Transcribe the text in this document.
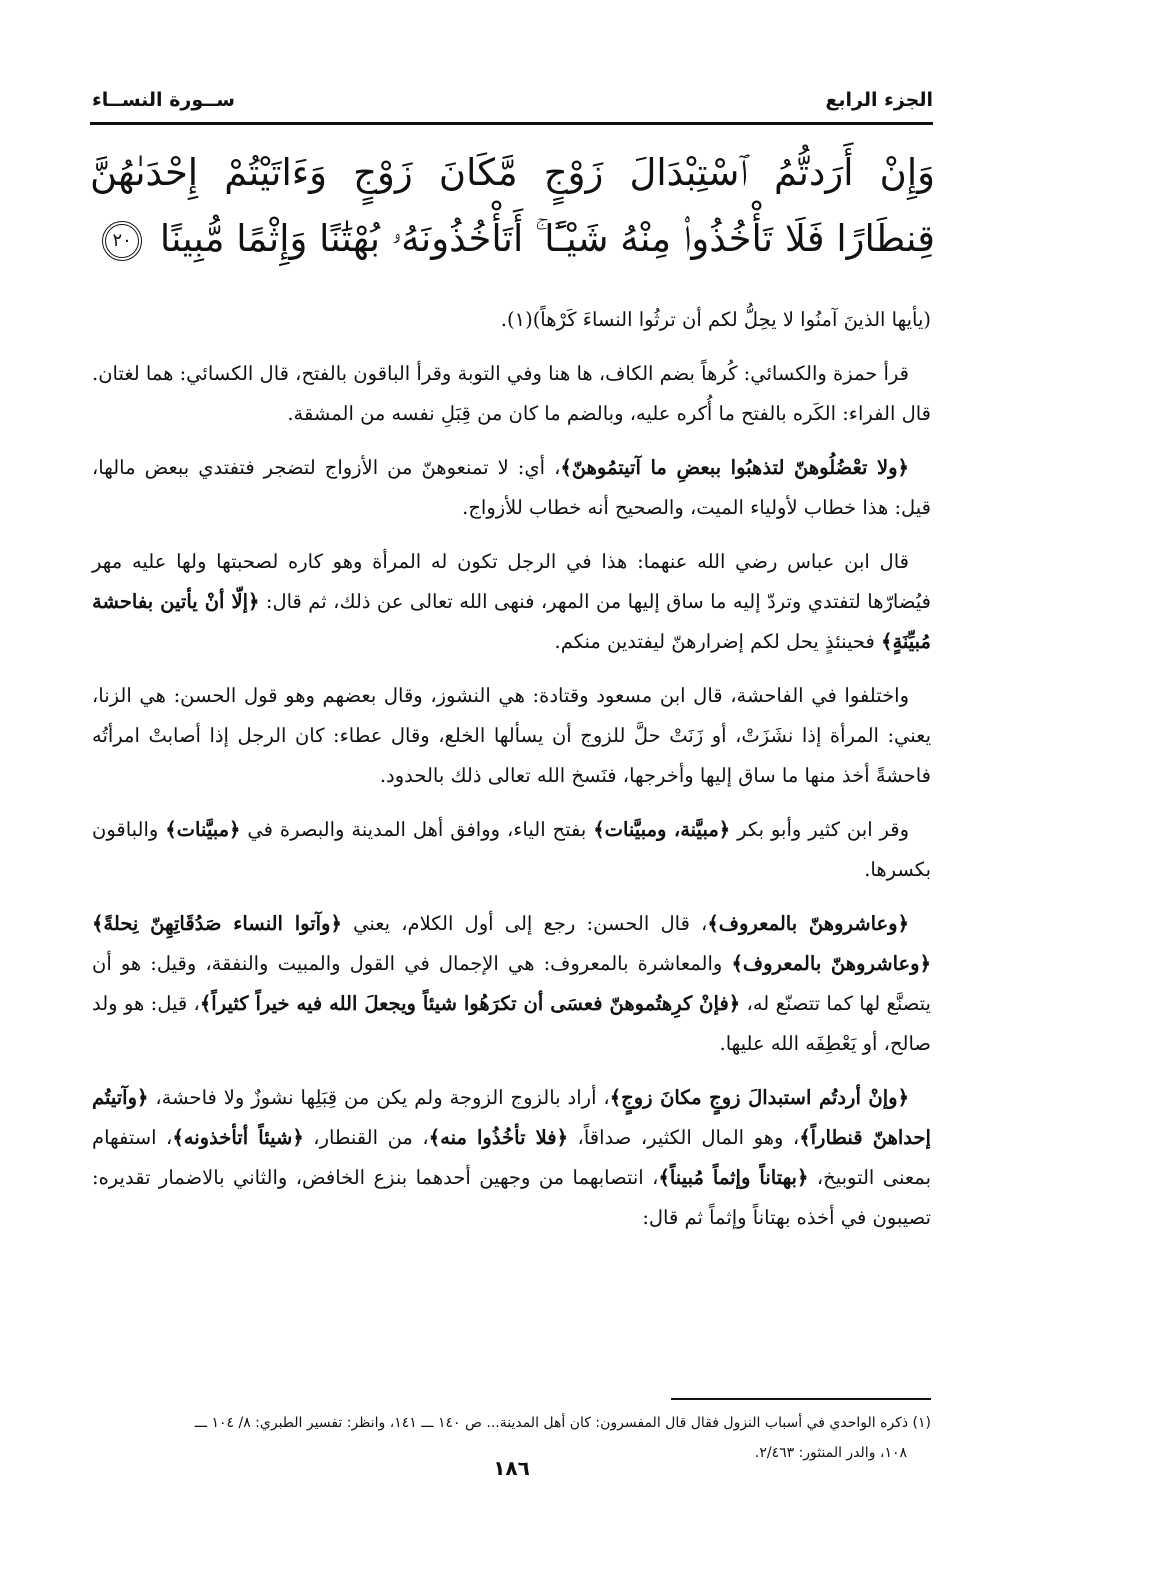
الجزء الرابع
ســورة النســاء
وَإِنْ أَرَدتُّمُ ٱسْتِبْدَالَ زَوْجٍ مَّكَانَ زَوْجٍ وَءَاتَيْتُمْ إِحْدَىٰهُنَّ قِنطَارًا فَلَا تَأْخُذُوا۟ مِنْهُ شَيْـًٔا ۚ أَتَأْخُذُونَهُۥ بُهْتَٰنًا وَإِثْمًا مُّبِينًا ٢٠

(يأيها الذينَ آمنُوا لا يحِلُّ لكم أن ترثُوا النساءَ كَرْهاً)(١).

قرأ حمزة والكسائي: كُرهاً بضم الكاف، ها هنا وفي التوبة وقرأ الباقون بالفتح، قال الكسائي: هما لغتان. قال الفراء: الكَره بالفتح ما أُكره عليه، وبالضم ما كان من قِبَلِ نفسه من المشقة.

﴿ولا تعْضُلُوهنّ لتذهبُوا ببعضِ ما آتيتمُوهنّ﴾، أي: لا تمنعوهنّ من الأزواج لتضجر فتفتدي ببعض مالها، قيل: هذا خطاب لأولياء الميت، والصحيح أنه خطاب للأزواج.

قال ابن عباس رضي الله عنهما: هذا في الرجل تكون له المرأة وهو كاره لصحبتها ولها عليه مهر فيُضارّها لتفتدي وتردّ إليه ما ساق إليها من المهر، فنهى الله تعالى عن ذلك، ثم قال: ﴿إلّا أنْ يأتين بفاحشة مُبيِّنَةٍ﴾ فحينئذٍ يحل لكم إضرارهنّ ليفتدين منكم.

واختلفوا في الفاحشة، قال ابن مسعود وقتادة: هي النشوز، وقال بعضهم وهو قول الحسن: هي الزنا، يعني: المرأة إذا نشَزَتْ، أو زَنَتْ حلَّ للزوج أن يسألها الخلع، وقال عطاء: كان الرجل إذا أصابتْ امرأتُه فاحشةً أخذ منها ما ساق إليها وأخرجها، فنَسخ الله تعالى ذلك بالحدود.

وقر ابن كثير وأبو بكر ﴿مبيَّنة، ومبيَّنات﴾ بفتح الياء، ووافق أهل المدينة والبصرة في ﴿مبيَّنات﴾ والباقون بكسرها.

﴿وعاشروهنّ بالمعروف﴾، قال الحسن: رجع إلى أول الكلام، يعني ﴿وآتوا النساء صَدُقَاتِهِنّ نِحلةً﴾ ﴿وعاشروهنّ بالمعروف﴾ والمعاشرة بالمعروف: هي الإجمال في القول والمبيت والنفقة، وقيل: هو أن يتصنَّع لها كما تتصنّع له، ﴿فإنْ كرِهتُموهنّ فعسَى أن تكرَهُوا شيئاً ويجعلَ الله فيه خيراً كثيراً﴾، قيل: هو ولد صالح، أو يَعْطِفَه الله عليها.

﴿وإنْ أردتُم استبدالَ زوجٍ مكانَ زوجٍ﴾، أراد بالزوج الزوجة ولم يكن من قِبَلِها نشوزٌ ولا فاحشة، ﴿وآتيتُم إحداهنّ قنطاراً﴾، وهو المال الكثير، صداقاً، ﴿فلا تأخُذُوا منه﴾، من القنطار، ﴿شيئاً أتأخذونه﴾، استفهام بمعنى التوبيخ، ﴿بهتاناً وإثماً مُبيناً﴾، انتصابهما من وجهين أحدهما بنزع الخافض، والثاني بالاضمار تقديره: تصيبون في أخذه بهتاناً وإثماً ثم قال:

(١) ذكره الواحدي في أسباب النزول فقال قال المفسرون: كان أهل المدينة... ص ١٤٠ ـــ ١٤١، وانظر: تفسير الطبري: ٨/ ١٠٤ ـــ
١٠٨، والدر المنثور: ٢/٤٦٣.
١٨٦
